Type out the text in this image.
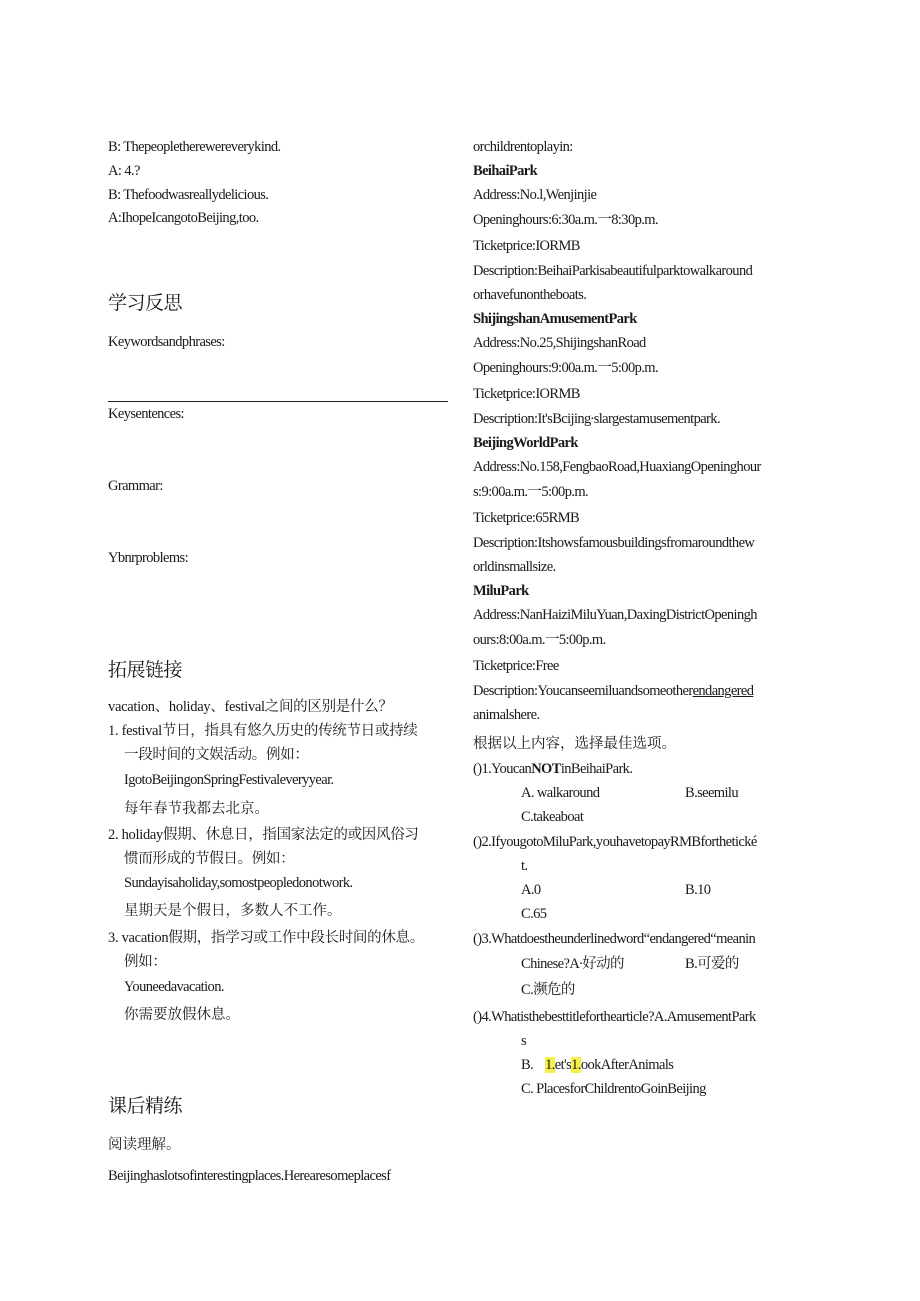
B: Thepeopletherewereverykind.
A: 4.?
B: Thefoodwasreallydelicious.
A:IhopeIcangotoBeijing,too.
学习反思
Keywordsandphrases:
Keysentences:
Grammar:
Ybnrproblems:
拓展链接
vacation、holiday、festival之间的区别是什么？
1. festival节日，指具有悠久历史的传统节日或持续
一段时间的文娱活动。例如：
IgotoBeijingonSpringFestivaleveryyear.
每年春节我都去北京。
2. holiday假期、休息日，指国家法定的或因风俗习
惯而形成的节假日。例如：
Sundayisaholiday,somostpeopledonotwork.
星期天是个假日，多数人不工作。
3. vacation假期，指学习或工作中段长时间的休息。
例如：
Youneedavacation.
你需要放假休息。
课后精练
阅读理解。
Beijinghaslotsofinterestingplaces.Herearesomeplacesf
orchildrentoplayin:
BeihaiPark
Address:No.l,Wenjinjie
Openinghours:6:30a.m.一8:30p.m.
Ticketprice:IORMB
Description:BeihaiParkisabeautifulparktowalkaround
orhavefunontheboats.
ShijingshanAmusementPark
Address:No.25,ShijingshanRoad
Openinghours:9:00a.m.一5:00p.m.
Ticketprice:IORMB
Description:It'sBcijing∙slargestamusementpark.
BeijingWorldPark
Address:No.158,FengbaoRoad,HuaxiangOpeninghour
s:9:00a.m.一5:00p.m.
Ticketprice:65RMB
Description:Itshowsfamousbuildingsfromaroundthew
orldinsmallsize.
MiluPark
Address:NanHaiziMiluYuan,DaxingDistrictOpeningh
ours:8:00a.m.一5:00p.m.
Ticketprice:Free
Description:Youcanseemiluandsomeotherendangered
animalshere.
根据以上内容，选择最佳选项。
()1.YoucanNOTinBeihaiPark.
A. walkaround	B.seemilu
C.takeaboat
()2.IfyougotoMiluPark,youhavetopayRMBforthetické
t.
A.0	B.10
C.65
()3.Whatdoestheunderlinedword“endangered“meanin
Chinese?A∙好动的	B.可爱的
C.濒危的
()4.Whatisthebesttitleforthearticle?A.AmusementPark
s
B. 1.et's1.ookAfterAnimals
C. PlacesforChildrentoGoinBeijing
